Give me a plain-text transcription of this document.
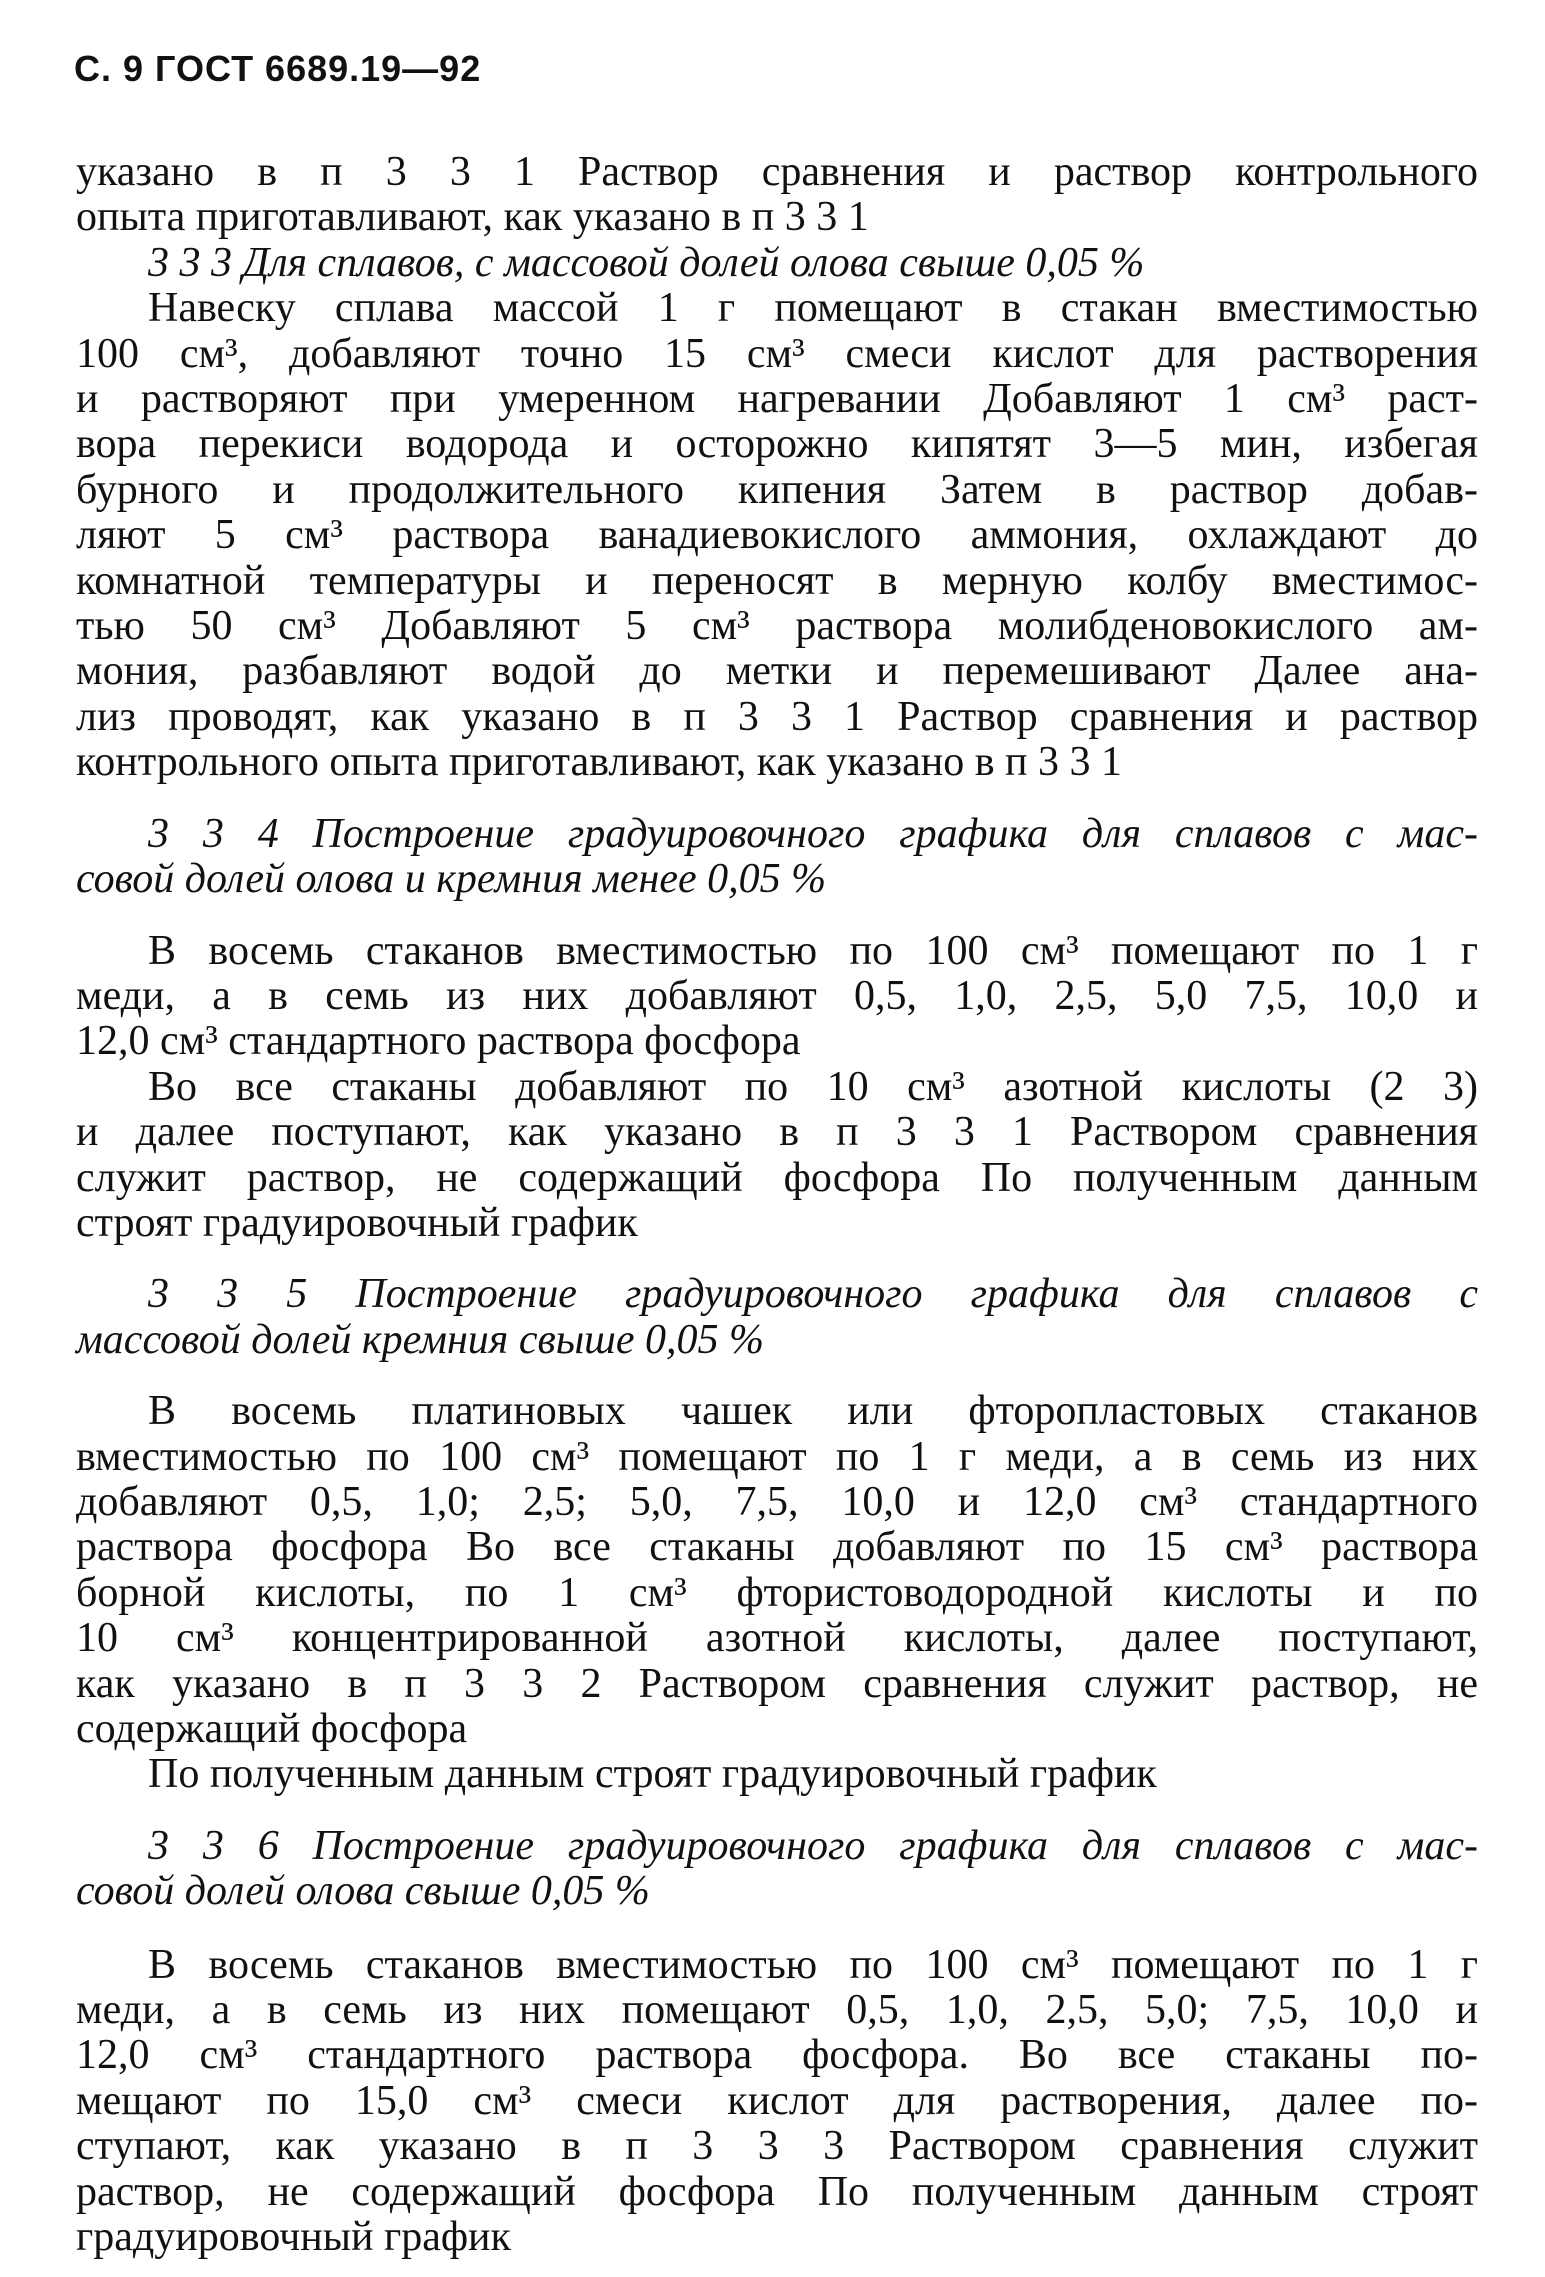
С. 9 ГОСТ 6689.19—92

указано в п 3 3 1 Раствор сравнения и раствор контрольного
опыта приготавливают, как указано в п 3 3 1

3 3 3 Для сплавов, с массовой долей олова свыше 0,05 %

Навеску сплава массой 1 г помещают в стакан вместимостью
100 см³, добавляют точно 15 см³ смеси кислот для растворения
и растворяют при умеренном нагревании Добавляют 1 см³ раст-
вора перекиси водорода и осторожно кипятят 3—5 мин, избегая
бурного и продолжительного кипения Затем в раствор добав-
ляют 5 см³ раствора ванадиевокислого аммония, охлаждают до
комнатной температуры и переносят в мерную колбу вместимос-
тью 50 см³ Добавляют 5 см³ раствора молибденовокислого ам-
мония, разбавляют водой до метки и перемешивают Далее ана-
лиз проводят, как указано в п 3 3 1 Раствор сравнения и раствор
контрольного опыта приготавливают, как указано в п 3 3 1

3 3 4 Построение градуировочного графика для сплавов с мас-
совой долей олова и кремния менее 0,05 %

В восемь стаканов вместимостью по 100 см³ помещают по 1 г
меди, а в семь из них добавляют 0,5, 1,0, 2,5, 5,0 7,5, 10,0 и
12,0 см³ стандартного раствора фосфора

Во все стаканы добавляют по 10 см³ азотной кислоты (2 3)
и далее поступают, как указано в п 3 3 1 Раствором сравнения
служит раствор, не содержащий фосфора По полученным данным
строят градуировочный график

3 3 5 Построение градуировочного графика для сплавов с
массовой долей кремния свыше 0,05 %

В восемь платиновых чашек или фторопластовых стаканов
вместимостью по 100 см³ помещают по 1 г меди, а в семь из них
добавляют 0,5, 1,0; 2,5; 5,0, 7,5, 10,0 и 12,0 см³ стандартного
раствора фосфора Во все стаканы добавляют по 15 см³ раствора
борной кислоты, по 1 см³ фтористоводородной кислоты и по
10 см³ концентрированной азотной кислоты, далее поступают,
как указано в п 3 3 2 Раствором сравнения служит раствор, не
содержащий фосфора

По полученным данным строят градуировочный график

3 3 6 Построение градуировочного графика для сплавов с мас-
совой долей олова свыше 0,05 %

В восемь стаканов вместимостью по 100 см³ помещают по 1 г
меди, а в семь из них помещают 0,5, 1,0, 2,5, 5,0; 7,5, 10,0 и
12,0 см³ стандартного раствора фосфора. Во все стаканы по-
мещают по 15,0 см³ смеси кислот для растворения, далее по-
ступают, как указано в п 3 3 3 Раствором сравнения служит
раствор, не содержащий фосфора По полученным данным строят
градуировочный график
